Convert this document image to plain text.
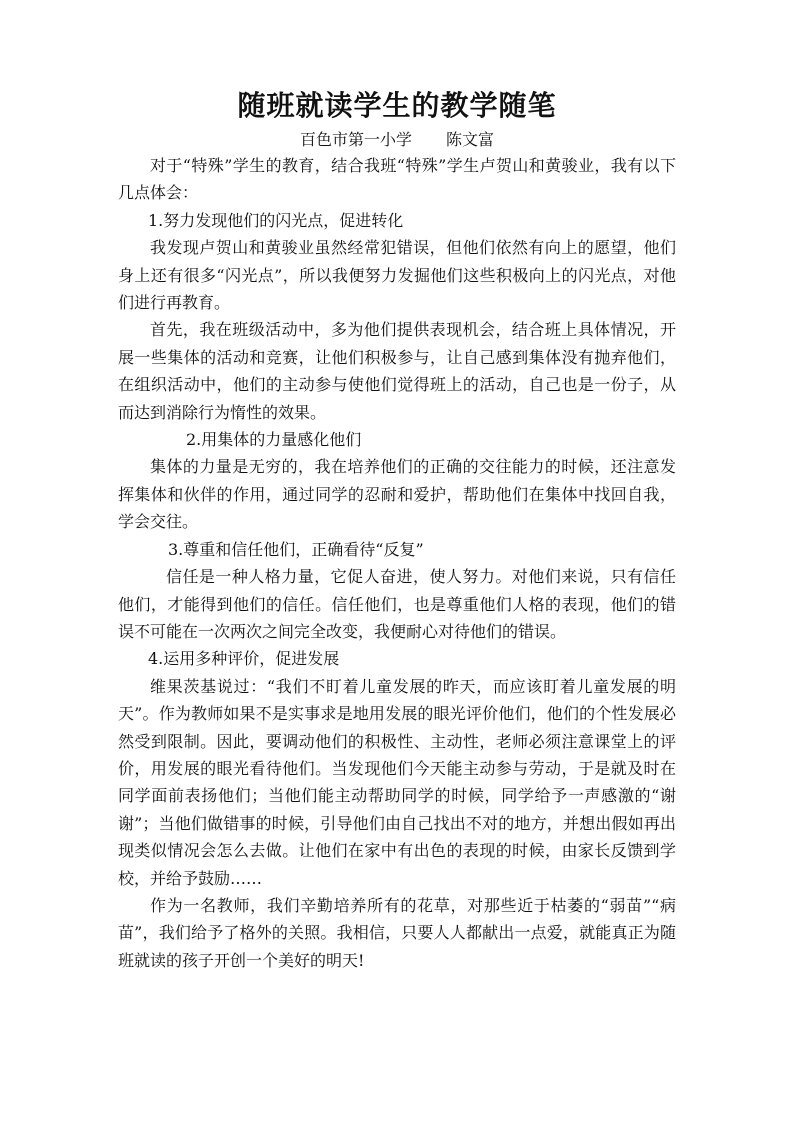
随班就读学生的教学随笔
百色市第一小学 陈文富

对于“特殊”学生的教育，结合我班“特殊”学生卢贺山和黄骏业，我有以下几点体会：

1.努力发现他们的闪光点，促进转化

我发现卢贺山和黄骏业虽然经常犯错误，但他们依然有向上的愿望，他们身上还有很多“闪光点”，所以我便努力发掘他们这些积极向上的闪光点，对他们进行再教育。

首先，我在班级活动中，多为他们提供表现机会，结合班上具体情况，开展一些集体的活动和竞赛，让他们积极参与，让自己感到集体没有抛弃他们，在组织活动中，他们的主动参与使他们觉得班上的活动，自己也是一份子，从而达到消除行为惰性的效果。

2.用集体的力量感化他们

集体的力量是无穷的，我在培养他们的正确的交往能力的时候，还注意发挥集体和伙伴的作用，通过同学的忍耐和爱护，帮助他们在集体中找回自我，学会交往。

3.尊重和信任他们，正确看待“反复”

信任是一种人格力量，它促人奋进，使人努力。对他们来说，只有信任他们，才能得到他们的信任。信任他们，也是尊重他们人格的表现，他们的错误不可能在一次两次之间完全改变，我便耐心对待他们的错误。

4.运用多种评价，促进发展

维果茨基说过：“我们不盯着儿童发展的昨天，而应该盯着儿童发展的明天”。作为教师如果不是实事求是地用发展的眼光评价他们，他们的个性发展必然受到限制。因此，要调动他们的积极性、主动性，老师必须注意课堂上的评价，用发展的眼光看待他们。当发现他们今天能主动参与劳动，于是就及时在同学面前表扬他们；当他们能主动帮助同学的时候，同学给予一声感激的“谢谢”；当他们做错事的时候，引导他们由自己找出不对的地方，并想出假如再出现类似情况会怎么去做。让他们在家中有出色的表现的时候，由家长反馈到学校，并给予鼓励……

作为一名教师，我们辛勤培养所有的花草，对那些近于枯萎的“弱苗”“病苗”，我们给予了格外的关照。我相信，只要人人都献出一点爱，就能真正为随班就读的孩子开创一个美好的明天!
